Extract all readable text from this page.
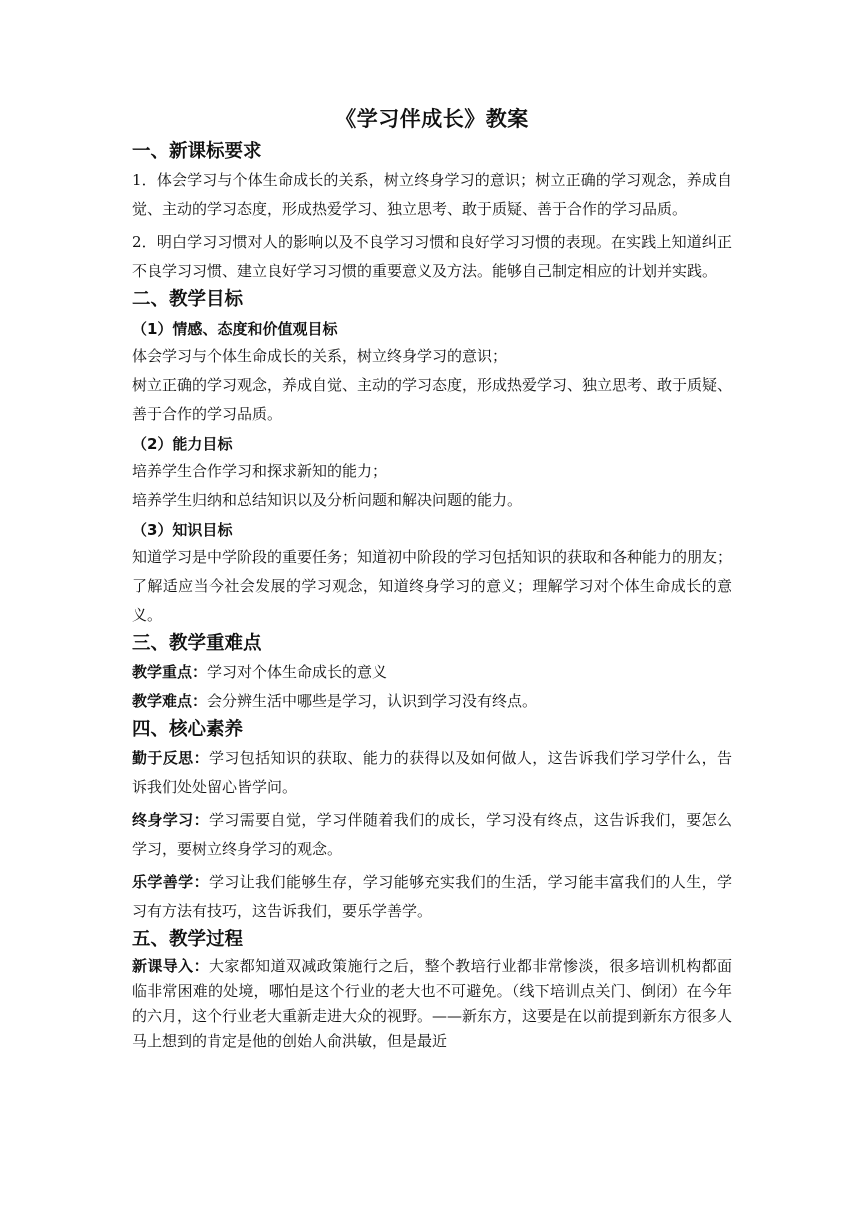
《学习伴成长》教案
一、新课标要求

1．体会学习与个体生命成长的关系，树立终身学习的意识；树立正确的学习观念，养成自觉、主动的学习态度，形成热爱学习、独立思考、敢于质疑、善于合作的学习品质。

2．明白学习习惯对人的影响以及不良学习习惯和良好学习习惯的表现。在实践上知道纠正不良学习习惯、建立良好学习习惯的重要意义及方法。能够自己制定相应的计划并实践。

二、教学目标
（1）情感、态度和价值观目标

体会学习与个体生命成长的关系，树立终身学习的意识；

树立正确的学习观念，养成自觉、主动的学习态度，形成热爱学习、独立思考、敢于质疑、善于合作的学习品质。

（2）能力目标

培养学生合作学习和探求新知的能力；

培养学生归纳和总结知识以及分析问题和解决问题的能力。

（3）知识目标

知道学习是中学阶段的重要任务；知道初中阶段的学习包括知识的获取和各种能力的朋友；了解适应当今社会发展的学习观念，知道终身学习的意义；理解学习对个体生命成长的意义。

三、教学重难点

教学重点：学习对个体生命成长的意义

教学难点：会分辨生活中哪些是学习，认识到学习没有终点。

四、核心素养

勤于反思：学习包括知识的获取、能力的获得以及如何做人，这告诉我们学习学什么，告诉我们处处留心皆学问。

终身学习：学习需要自觉，学习伴随着我们的成长，学习没有终点，这告诉我们，要怎么学习，要树立终身学习的观念。

乐学善学：学习让我们能够生存，学习能够充实我们的生活，学习能丰富我们的人生，学习有方法有技巧，这告诉我们，要乐学善学。

五、教学过程

新课导入：大家都知道双减政策施行之后，整个教培行业都非常惨淡，很多培训机构都面临非常困难的处境，哪怕是这个行业的老大也不可避免。（线下培训点关门、倒闭）在今年的六月，这个行业老大重新走进大众的视野。——新东方，这要是在以前提到新东方很多人马上想到的肯定是他的创始人俞洪敏，但是最近
